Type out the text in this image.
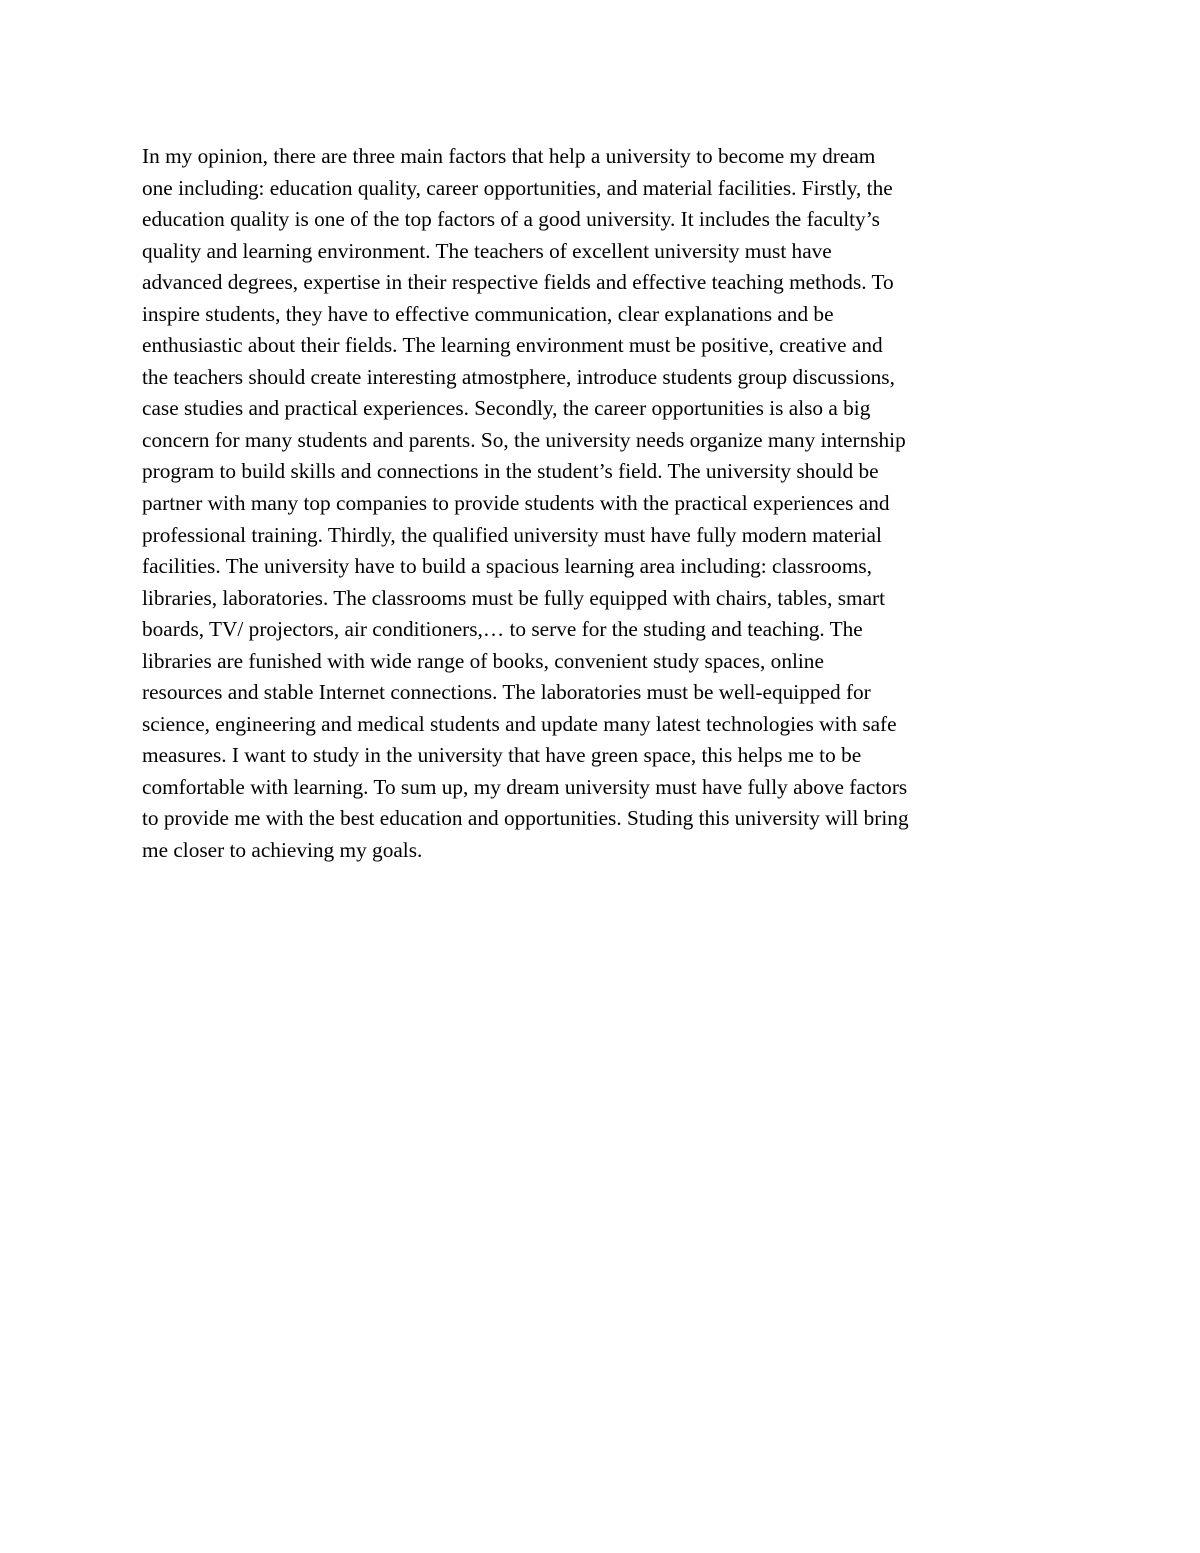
In my opinion, there are three main factors that help a university to become my dream
one including: education quality, career opportunities, and material facilities. Firstly, the
education quality is one of the top factors of a good university. It includes the faculty’s
quality and learning environment. The teachers of excellent university must have
advanced degrees, expertise in their respective fields and effective teaching methods. To
inspire students, they have to effective communication, clear explanations and be
enthusiastic about their fields. The learning environment must be positive, creative and
the teachers should create interesting atmostphere, introduce students group discussions,
case studies and practical experiences. Secondly, the career opportunities is also a big
concern for many students and parents. So, the university needs organize many internship
program to build skills and connections in the student’s field. The university should be
partner with many top companies to provide students with the practical experiences and
professional training. Thirdly, the qualified university must have fully modern material
facilities. The university have to build a spacious learning area including: classrooms,
libraries, laboratories. The classrooms must be fully equipped with chairs, tables, smart
boards, TV/ projectors, air conditioners,… to serve for the studing and teaching. The
libraries are funished with wide range of books, convenient study spaces, online
resources and stable Internet connections. The laboratories must be well-equipped for
science, engineering and medical students and update many latest technologies with safe
measures. I want to study in the university that have green space, this helps me to be
comfortable with learning. To sum up, my dream university must have fully above factors
to provide me with the best education and opportunities. Studing this university will bring
me closer to achieving my goals.
